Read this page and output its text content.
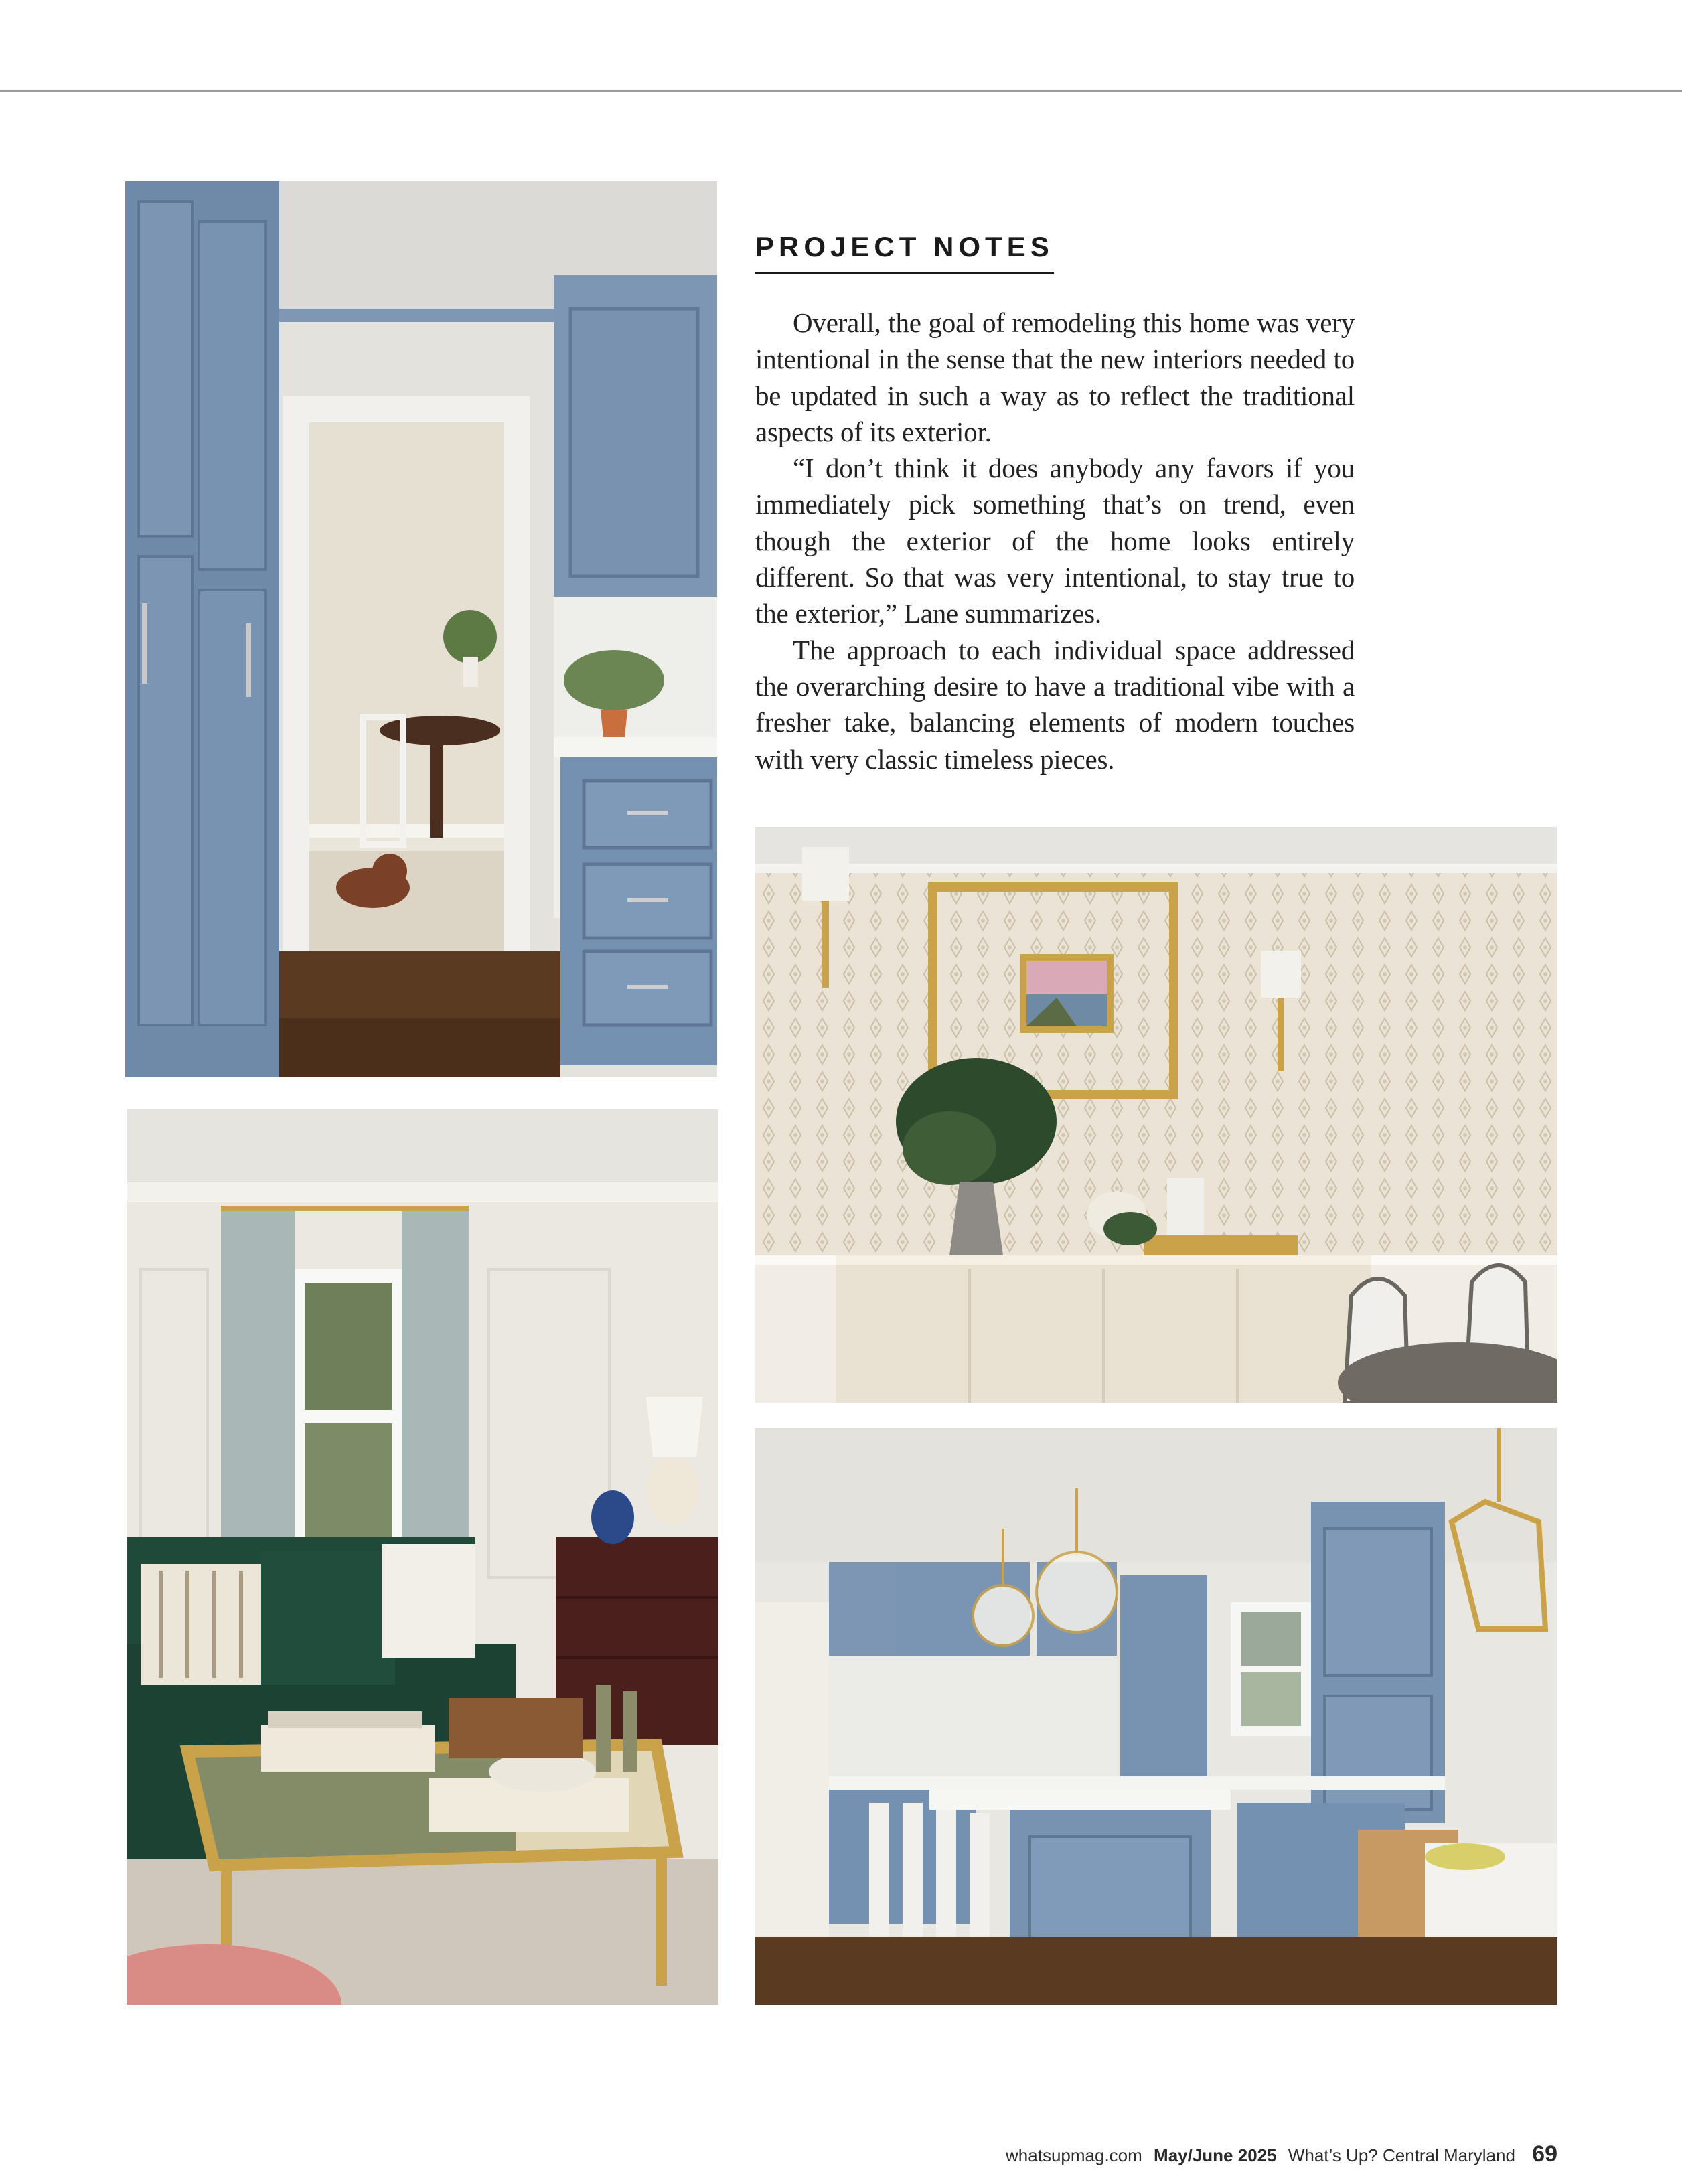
PROJECT NOTES

Overall, the goal of remodeling this home was very intentional in the sense that the new interiors needed to be updated in such a way as to reflect the traditional aspects of its exterior.

“I don’t think it does anybody any favors if you immediately pick something that’s on trend, even though the exterior of the home looks entirely different. So that was very intentional, to stay true to the exterior,” Lane summarizes.

The approach to each individual space addressed the overarching desire to have a traditional vibe with a fresher take, balancing elements of modern touches with very classic timeless pieces.

whatsupmag.com May/June 2025 What’s Up? Central Maryland 69
